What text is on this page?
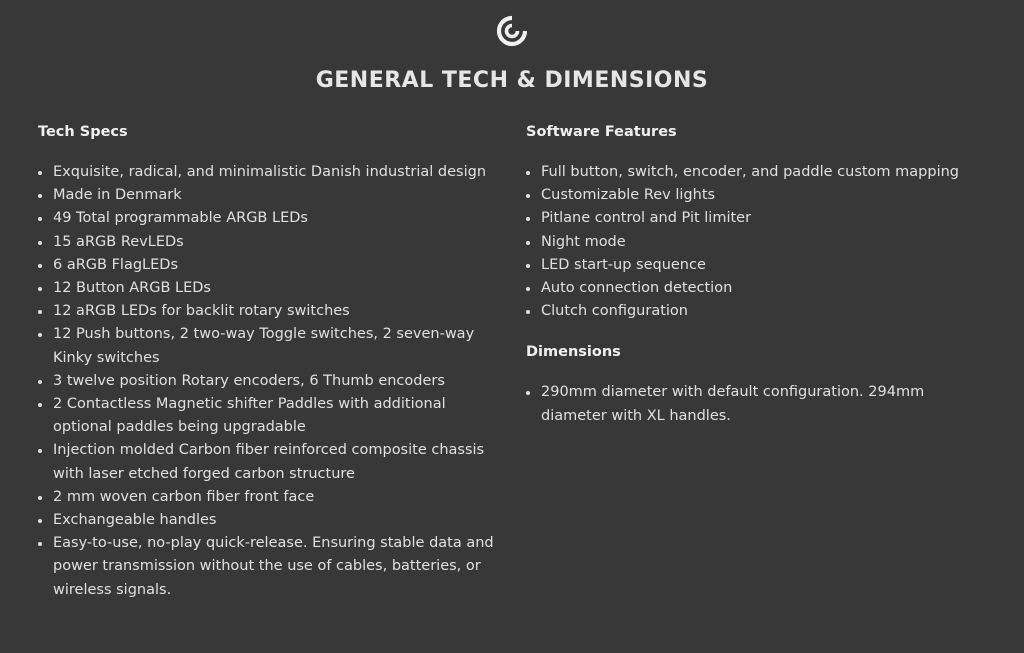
GENERAL TECH & DIMENSIONS
Tech Specs
Exquisite, radical, and minimalistic Danish industrial design
Made in Denmark
49 Total programmable ARGB LEDs
15 aRGB RevLEDs
6 aRGB FlagLEDs
12 Button ARGB LEDs
12 aRGB LEDs for backlit rotary switches
12 Push buttons, 2 two-way Toggle switches, 2 seven-way Kinky switches
3 twelve position Rotary encoders, 6 Thumb encoders
2 Contactless Magnetic shifter Paddles with additional optional paddles being upgradable
Injection molded Carbon fiber reinforced composite chassis with laser etched forged carbon structure
2 mm woven carbon fiber front face
Exchangeable handles
Easy-to-use, no-play quick-release. Ensuring stable data and power transmission without the use of cables, batteries, or wireless signals.
Software Features
Full button, switch, encoder, and paddle custom mapping
Customizable Rev lights
Pitlane control and Pit limiter
Night mode
LED start-up sequence
Auto connection detection
Clutch configuration
Dimensions
290mm diameter with default configuration. 294mm diameter with XL handles.
